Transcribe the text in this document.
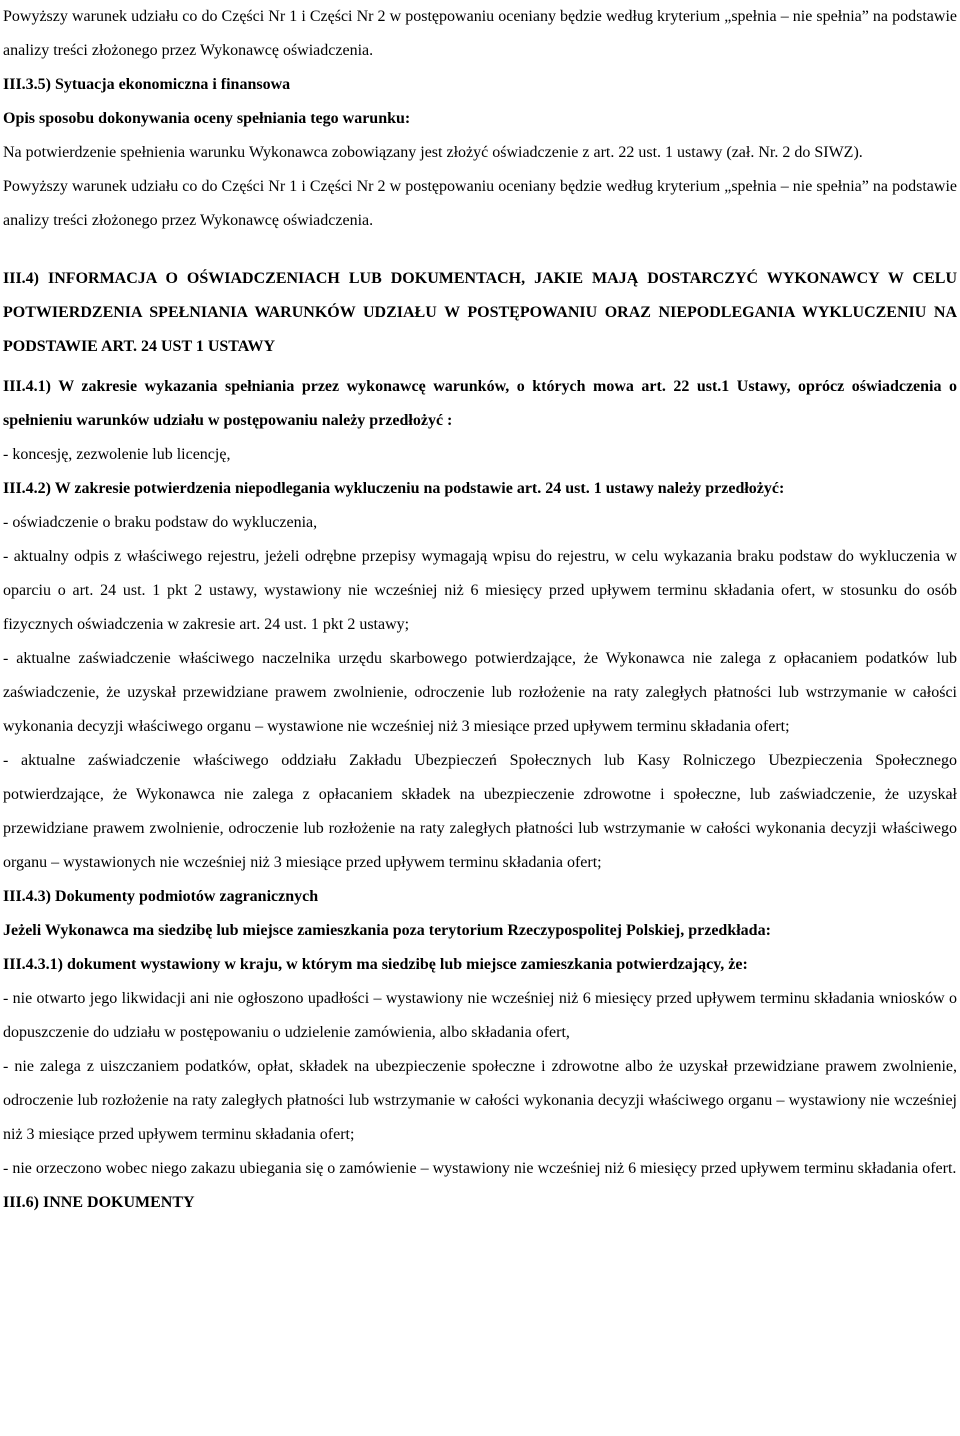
Powyższy warunek udziału co do Części Nr 1 i Części Nr 2 w postępowaniu oceniany będzie według kryterium „spełnia – nie spełnia” na podstawie analizy treści złożonego przez Wykonawcę oświadczenia.

III.3.5) Sytuacja ekonomiczna i finansowa

Opis sposobu dokonywania oceny spełniania tego warunku:

Na potwierdzenie spełnienia warunku Wykonawca zobowiązany jest złożyć oświadczenie z art. 22 ust. 1 ustawy (zał. Nr. 2 do SIWZ).

Powyższy warunek udziału co do Części Nr 1 i Części Nr 2 w postępowaniu oceniany będzie według kryterium „spełnia – nie spełnia” na podstawie analizy treści złożonego przez Wykonawcę oświadczenia.

III.4) INFORMACJA O OŚWIADCZENIACH LUB DOKUMENTACH, JAKIE MAJĄ DOSTARCZYĆ WYKONAWCY W CELU POTWIERDZENIA SPEŁNIANIA WARUNKÓW UDZIAŁU W POSTĘPOWANIU ORAZ NIEPODLEGANIA WYKLUCZENIU NA PODSTAWIE ART. 24 UST 1 USTAWY

III.4.1) W zakresie wykazania spełniania przez wykonawcę warunków, o których mowa art. 22 ust.1 Ustawy, oprócz oświadczenia o spełnieniu warunków udziału w postępowaniu należy przedłożyć :

- koncesję, zezwolenie lub licencję,

III.4.2) W zakresie potwierdzenia niepodlegania wykluczeniu na podstawie art. 24 ust. 1 ustawy należy przedłożyć:

- oświadczenie o braku podstaw do wykluczenia,

- aktualny odpis z właściwego rejestru, jeżeli odrębne przepisy wymagają wpisu do rejestru, w celu wykazania braku podstaw do wykluczenia w oparciu o art. 24 ust. 1 pkt 2 ustawy, wystawiony nie wcześniej niż 6 miesięcy przed upływem terminu składania ofert, w stosunku do osób fizycznych oświadczenia w zakresie art. 24 ust. 1 pkt 2 ustawy;

- aktualne zaświadczenie właściwego naczelnika urzędu skarbowego potwierdzające, że Wykonawca nie zalega z opłacaniem podatków lub zaświadczenie, że uzyskał przewidziane prawem zwolnienie, odroczenie lub rozłożenie na raty zaległych płatności lub wstrzymanie w całości wykonania decyzji właściwego organu – wystawione nie wcześniej niż 3 miesiące przed upływem terminu składania ofert;

- aktualne zaświadczenie właściwego oddziału Zakładu Ubezpieczeń Społecznych lub Kasy Rolniczego Ubezpieczenia Społecznego potwierdzające, że Wykonawca nie zalega z opłacaniem składek na ubezpieczenie zdrowotne i społeczne, lub zaświadczenie, że uzyskał przewidziane prawem zwolnienie, odroczenie lub rozłożenie na raty zaległych płatności lub wstrzymanie w całości wykonania decyzji właściwego organu – wystawionych nie wcześniej niż 3 miesiące przed upływem terminu składania ofert;

III.4.3) Dokumenty podmiotów zagranicznych

Jeżeli Wykonawca ma siedzibę lub miejsce zamieszkania poza terytorium Rzeczypospolitej Polskiej, przedkłada:

III.4.3.1) dokument wystawiony w kraju, w którym ma siedzibę lub miejsce zamieszkania potwierdzający, że:

- nie otwarto jego likwidacji ani nie ogłoszono upadłości – wystawiony nie wcześniej niż 6 miesięcy przed upływem terminu składania wniosków o dopuszczenie do udziału w postępowaniu o udzielenie zamówienia, albo składania ofert,

- nie zalega z uiszczaniem podatków, opłat, składek na ubezpieczenie społeczne i zdrowotne albo że uzyskał przewidziane prawem zwolnienie, odroczenie lub rozłożenie na raty zaległych płatności lub wstrzymanie w całości wykonania decyzji właściwego organu – wystawiony nie wcześniej niż 3 miesiące przed upływem terminu składania ofert;

- nie orzeczono wobec niego zakazu ubiegania się o zamówienie – wystawiony nie wcześniej niż 6 miesięcy przed upływem terminu składania ofert.

III.6) INNE DOKUMENTY
